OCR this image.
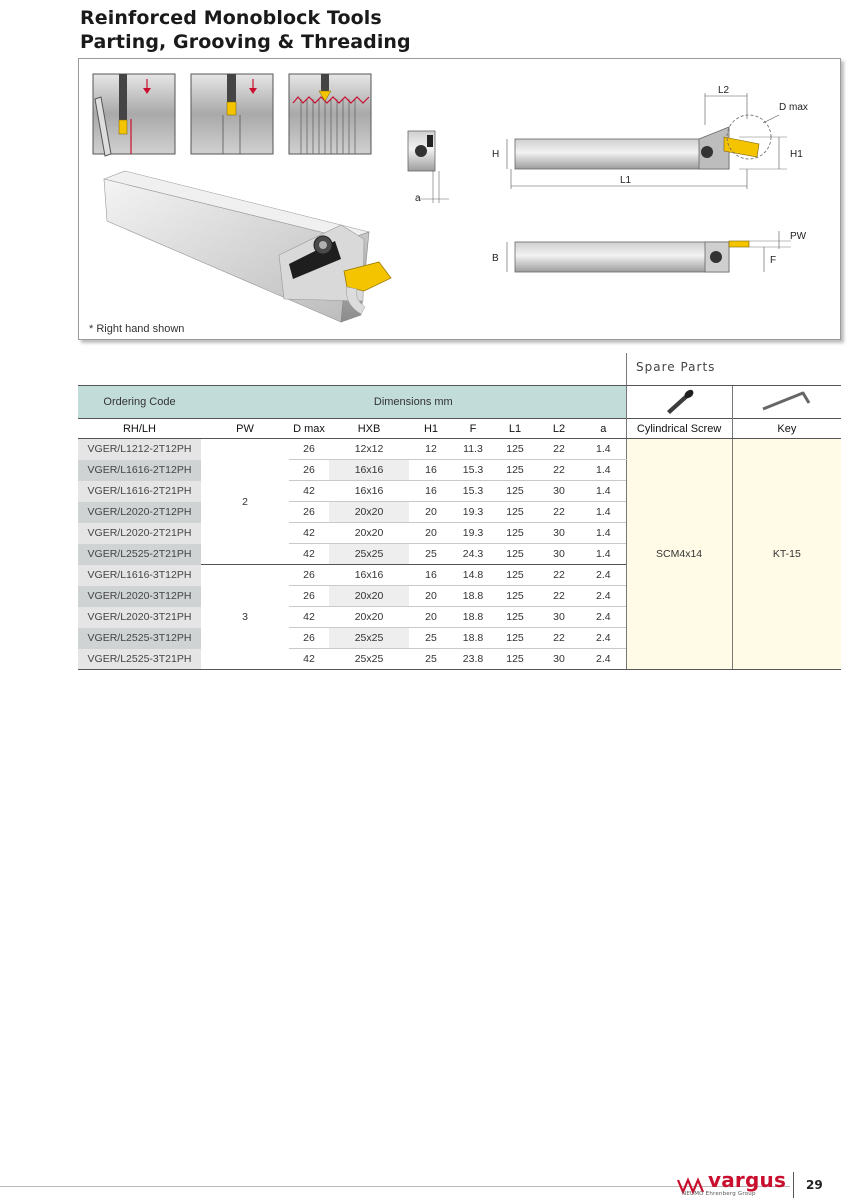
Reinforced Monoblock Tools
Parting, Grooving & Threading
a
L2
D max
H	H1
L1
PW
B	F
* Right hand shown
Spare Parts
Ordering Code	Dimensions mm		
RH/LH	PW	D max	HXB	H1	F	L1	L2	a	Cylindrical Screw	Key
VGER/L1212-2T12PH	2	26	12x12	12	11.3	125	22	1.4	SCM4x14	KT-15
VGER/L1616-2T12PH		26	16x16	16	15.3	125	22	1.4		
VGER/L1616-2T21PH		42	16x16	16	15.3	125	30	1.4		
VGER/L2020-2T12PH		26	20x20	20	19.3	125	22	1.4		
VGER/L2020-2T21PH		42	20x20	20	19.3	125	30	1.4		
VGER/L2525-2T21PH		42	25x25	25	24.3	125	30	1.4		
VGER/L1616-3T12PH	3	26	16x16	16	14.8	125	22	2.4		
VGER/L2020-3T12PH		26	20x20	20	18.8	125	22	2.4		
VGER/L2020-3T21PH		42	20x20	20	18.8	125	30	2.4		
VGER/L2525-3T12PH		26	25x25	25	18.8	125	22	2.4		
VGER/L2525-3T21PH		42	25x25	25	23.8	125	30	2.4		
vargus
NEUMO Ehrenberg Group
29
